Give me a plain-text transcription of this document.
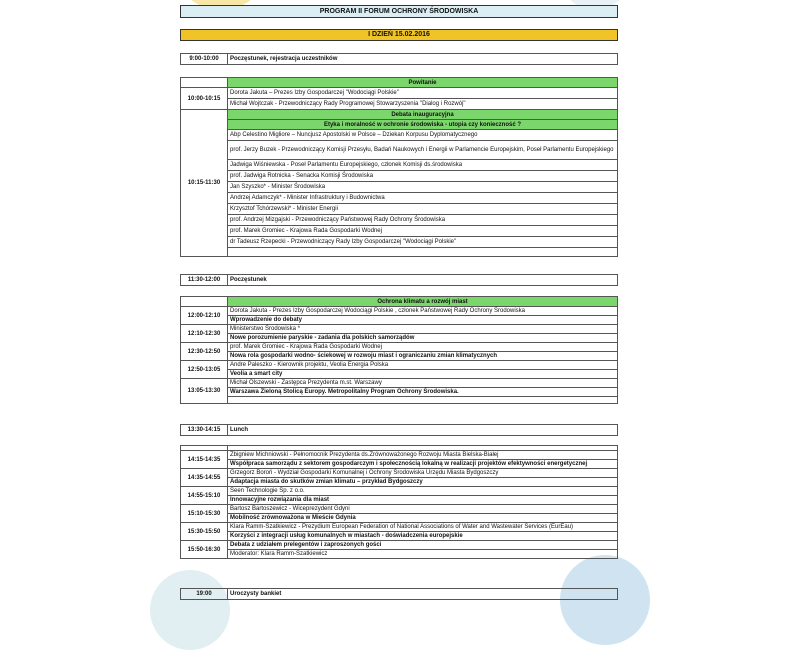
PROGRAM II FORUM OCHRONY ŚRODOWISKA
I DZIEŃ 15.02.2016
9:00-10:00	Poczęstunek, rejestracja uczestników
	Powitanie
10:00-10:15	Dorota Jakuta – Prezes Izby Gospodarczej "Wodociągi Polskie"
	Michał Wojtczak - Przewodniczący Rady Programowej Stowarzyszenia "Dialog i Rozwój"
10:15-11:30	Debata inauguracyjna
	Etyka i moralność w ochronie środowiska - utopia czy konieczność ?
	Abp Celestino Migliore – Nuncjusz Apostolski w Polsce – Dziekan Korpusu Dyplomatycznego
	prof. Jerzy Buzek - Przewodniczący Komisji Przesyłu, Badań Naukowych i Energii w Parlamencie Europejskim, Poseł Parlamentu Europejskiego
	Jadwiga Wiśniewska - Poseł Parlamentu Europejskiego, członek Komisji ds.środowiska
	prof. Jadwiga Rotnicka - Senacka Komisji Środowiska
	Jan Szyszko* - Minister Środowiska
	Andrzej Adamczyk* - Minister Infrastruktury i Budownictwa
	Krzysztof Tchórzewski* - Minister Energii
	prof. Andrzej Mizgajski - Przewodniczący Państwowej Rady Ochrony Środowiska
	prof. Marek Gromiec - Krajowa Rada Gospodarki Wodnej
	dr Tadeusz Rzepecki - Przewodniczący Rady Izby Gospodarczej "Wodociągi Polskie"

11:30-12:00	Poczęstunek
	Ochrona klimatu a rozwój miast
12:00-12:10	Dorota Jakuta - Prezes Izby Gospodarczej Wodociągi Polskie , członek Państwowej Rady Ochrony Środowiska
	Wprowadzenie do debaty
12:10-12:30	Ministerstwo Środowiska *
	Nowe porozumienie paryskie - zadania dla polskich samorządów
12:30-12:50	prof. Marek Gromiec - Krajowa Rada Gospodarki Wodnej
	Nowa rola gospodarki wodno- ściekowej w rozwoju miast i ograniczaniu zmian klimatycznych
12:50-13:05	Andre Paleszko - Kierownik projektu, Veolia Energia Polska
	Veolia a smart city
13:05-13:30	Michał Olszewski - Zastępca Prezydenta m.st. Warszawy
	Warszawa Zieloną Stolicą Europy. Metropolitalny Program Ochrony Środowiska.

13:30-14:15	Lunch

14:15-14:35	Zbigniew Michniowski - Pełnomocnik Prezydenta ds.Zrównoważonego Rozwoju Miasta Bielska-Białej
	Współpraca samorządu z sektorem gospodarczym i społecznością lokalną w realizacji projektów efektywności energetycznej
14:35-14:55	Grzegorz Boroń - Wydział Gospodarki Komunalnej i Ochrony Środowiska Urzędu Miasta Bydgoszczy
	Adaptacja miasta do skutków zmian klimatu – przykład Bydgoszczy
14:55-15:10	Seen Technologie Sp. z o.o.
	Innowacyjne rozwiązania dla miast
15:10-15:30	Bartosz Bartoszewicz - Wiceprezydent Gdyni
	Mobilność zrównoważona w Mieście Gdynia
15:30-15:50	Klara Ramm-Szatkiewicz - Prezydium European Federation of National Associations of Water and Wastewater Services (EurEau)
	Korzyści z integracji usług komunalnych w miastach - doświadczenia europejskie
15:50-16:30	Debata z udziałem prelegentów i zaproszonych gości
	Moderator: Klara Ramm-Szatkiewicz
19:00	Uroczysty bankiet
